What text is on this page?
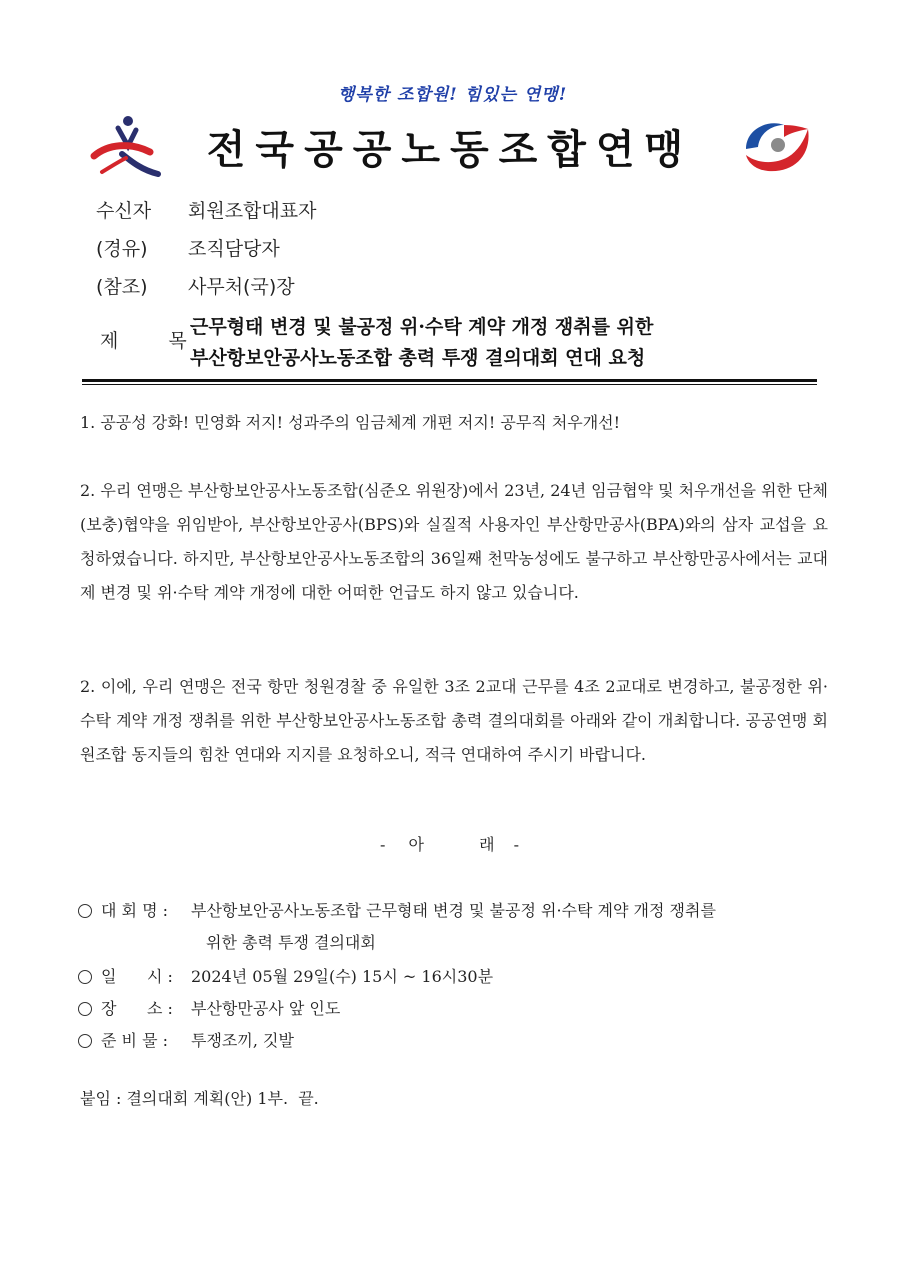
행복한 조합원! 힘있는 연맹!
전국공공노동조합연맹
수신자 회원조합대표자
(경유) 조직담당자
(참조) 사무처(국)장
제 목
근무형태 변경 및 불공정 위·수탁 계약 개정 쟁취를 위한
부산항보안공사노동조합 총력 투쟁 결의대회 연대 요청
1. 공공성 강화! 민영화 저지! 성과주의 임금체계 개편 저지! 공무직 처우개선!
2. 우리 연맹은 부산항보안공사노동조합(심준오 위원장)에서 23년, 24년 임금협약 및 처우개선을 위한 단체(보충)협약을 위임받아, 부산항보안공사(BPS)와 실질적 사용자인 부산항만공사(BPA)와의 삼자 교섭을 요청하였습니다. 하지만, 부산항보안공사노동조합의 36일째 천막농성에도 불구하고 부산항만공사에서는 교대제 변경 및 위·수탁 계약 개정에 대한 어떠한 언급도 하지 않고 있습니다.
2. 이에, 우리 연맹은 전국 항만 청원경찰 중 유일한 3조 2교대 근무를 4조 2교대로 변경하고, 불공정한 위·수탁 계약 개정 쟁취를 위한 부산항보안공사노동조합 총력 결의대회를 아래와 같이 개최합니다. 공공연맹 회원조합 동지들의 힘찬 연대와 지지를 요청하오니, 적극 연대하여 주시기 바랍니다.
- 아	래 -
대 회 명 : 부산항보안공사노동조합 근무형태 변경 및 불공정 위·수탁 계약 개정 쟁취를
위한 총력 투쟁 결의대회
일      시 : 2024년 05월 29일(수) 15시 ~ 16시30분
장      소 : 부산항만공사 앞 인도
준 비 물 : 투쟁조끼, 깃발
붙임 : 결의대회 계획(안) 1부.  끝.
